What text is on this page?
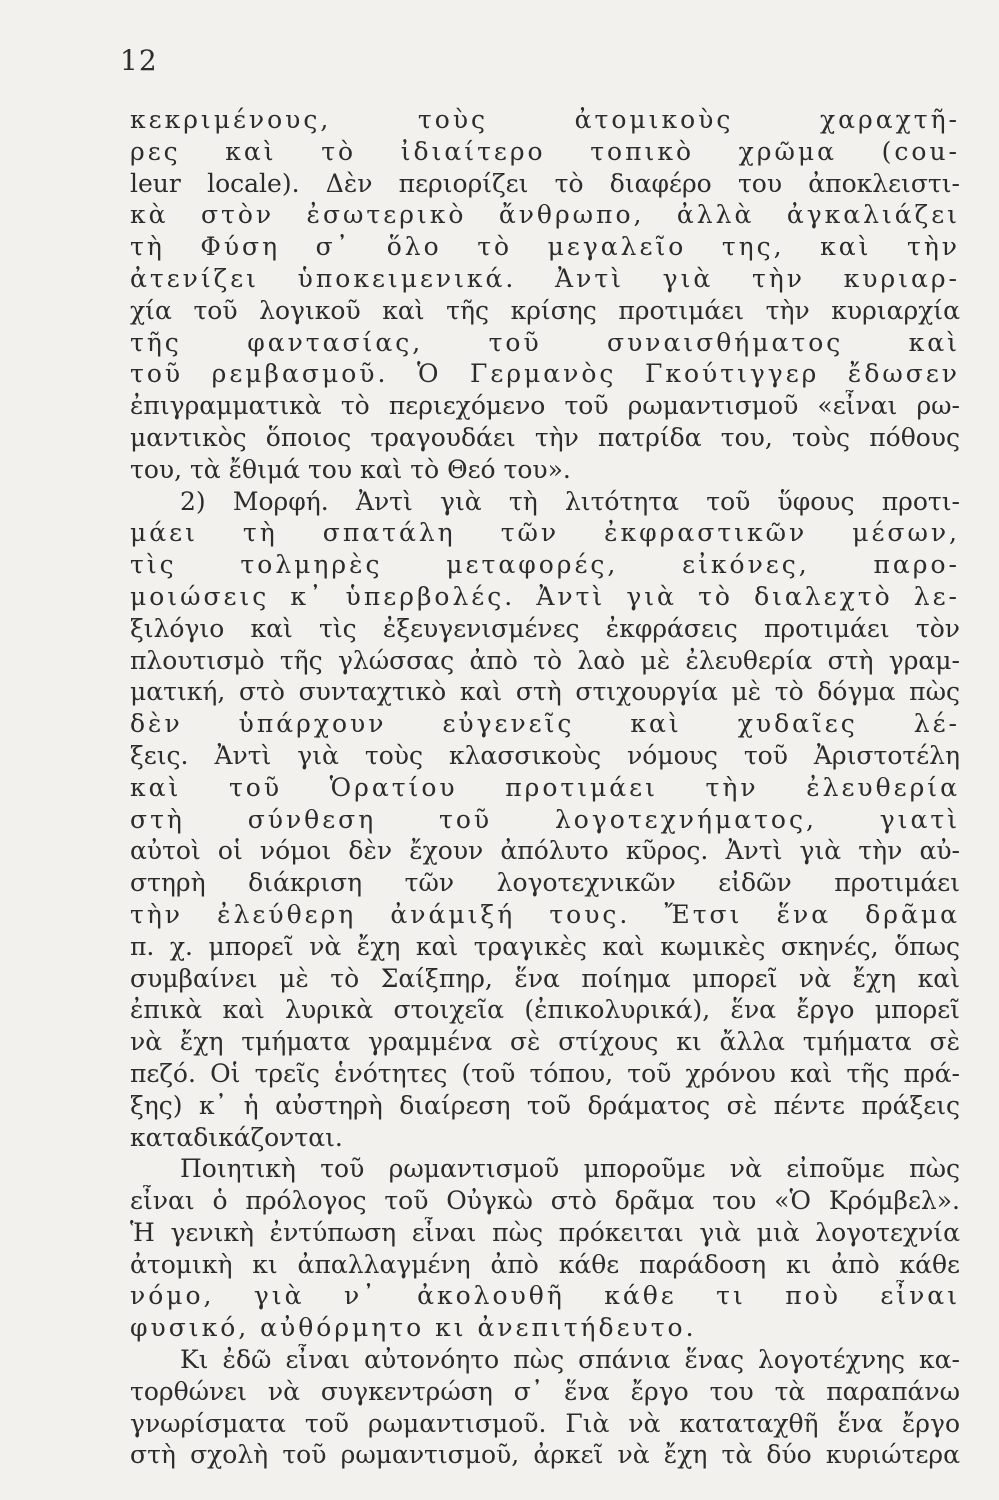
12
κεκριμένους, τοὺς ἀτομικοὺς χαραχτῆ-
ρες καὶ τὸ ἰδιαίτερο τοπικὸ χρῶμα (cou-
leur locale). Δὲν περιορίζει τὸ διαφέρο του ἀποκλειστι-
κὰ στὸν ἐσωτερικὸ ἄνθρωπο, ἀλλὰ ἀγκαλιάζει
τὴ Φύση σ᾿ ὅλο τὸ μεγαλεῖο της, καὶ τὴν
ἀτενίζει ὑποκειμενικά. Ἀντὶ γιὰ τὴν κυριαρ-
χία τοῦ λογικοῦ καὶ τῆς κρίσης προτιμάει τὴν κυριαρχία
τῆς φαντασίας, τοῦ συναισθήματος καὶ
τοῦ ρεμβασμοῦ. Ὁ Γερμανὸς Γκούτιγγερ ἔδωσεν
ἐπιγραμματικὰ τὸ περιεχόμενο τοῦ ρωμαντισμοῦ «εἶναι ρω-
μαντικὸς ὅποιος τραγουδάει τὴν πατρίδα του, τοὺς πόθους
του, τὰ ἔθιμά του καὶ τὸ Θεό του».
2) Μορφή. Ἀντὶ γιὰ τὴ λιτότητα τοῦ ὕφους προτι-
μάει τὴ σπατάλη τῶν ἐκφραστικῶν μέσων,
τὶς τολμηρὲς μεταφορές, εἰκόνες, παρο-
μοιώσεις κ᾿ ὑπερβολές. Ἀντὶ γιὰ τὸ διαλεχτὸ λε-
ξιλόγιο καὶ τὶς ἐξευγενισμένες ἐκφράσεις προτιμάει τὸν
πλουτισμὸ τῆς γλώσσας ἀπὸ τὸ λαὸ μὲ ἐλευθερία στὴ γραμ-
ματική, στὸ συνταχτικὸ καὶ στὴ στιχουργία μὲ τὸ δόγμα πὼς
δὲν ὑπάρχουν εὐγενεῖς καὶ χυδαῖες λέ-
ξεις. Ἀντὶ γιὰ τοὺς κλασσικοὺς νόμους τοῦ Ἀριστοτέλη
καὶ τοῦ Ὁρατίου προτιμάει τὴν ἐλευθερία
στὴ σύνθεση τοῦ λογοτεχνήματος, γιατὶ
αὐτοὶ οἱ νόμοι δὲν ἔχουν ἀπόλυτο κῦρος. Ἀντὶ γιὰ τὴν αὐ-
στηρὴ διάκριση τῶν λογοτεχνικῶν εἰδῶν προτιμάει
τὴν ἐλεύθερη ἀνάμιξή τους. Ἔτσι ἕνα δρᾶμα
π. χ. μπορεῖ νὰ ἔχη καὶ τραγικὲς καὶ κωμικὲς σκηνές, ὅπως
συμβαίνει μὲ τὸ Σαίξπηρ, ἕνα ποίημα μπορεῖ νὰ ἔχη καὶ
ἐπικὰ καὶ λυρικὰ στοιχεῖα (ἐπικολυρικά), ἕνα ἔργο μπορεῖ
νὰ ἔχη τμήματα γραμμένα σὲ στίχους κι ἄλλα τμήματα σὲ
πεζό. Οἱ τρεῖς ἑνότητες (τοῦ τόπου, τοῦ χρόνου καὶ τῆς πρά-
ξης) κ᾿ ἡ αὐστηρὴ διαίρεση τοῦ δράματος σὲ πέντε πράξεις
καταδικάζονται.
Ποιητικὴ τοῦ ρωμαντισμοῦ μποροῦμε νὰ εἰποῦμε πὼς
εἶναι ὁ πρόλογος τοῦ Οὐγκὼ στὸ δρᾶμα του «Ὁ Κρόμβελ».
Ἡ γενικὴ ἐντύπωση εἶναι πὼς πρόκειται γιὰ μιὰ λογοτεχνία
ἀτομικὴ κι ἀπαλλαγμένη ἀπὸ κάθε παράδοση κι ἀπὸ κάθε
νόμο, γιὰ ν᾿ ἀκολουθῆ κάθε τι ποὺ εἶναι
φυσικό, αὐθόρμητο κι ἀνεπιτήδευτο.
Κι ἐδῶ εἶναι αὐτονόητο πὼς σπάνια ἕνας λογοτέχνης κα-
τορθώνει νὰ συγκεντρώση σ᾿ ἕνα ἔργο του τὰ παραπάνω
γνωρίσματα τοῦ ρωμαντισμοῦ. Γιὰ νὰ καταταχθῆ ἕνα ἔργο
στὴ σχολὴ τοῦ ρωμαντισμοῦ, ἀρκεῖ νὰ ἔχη τὰ δύο κυριώτερα
